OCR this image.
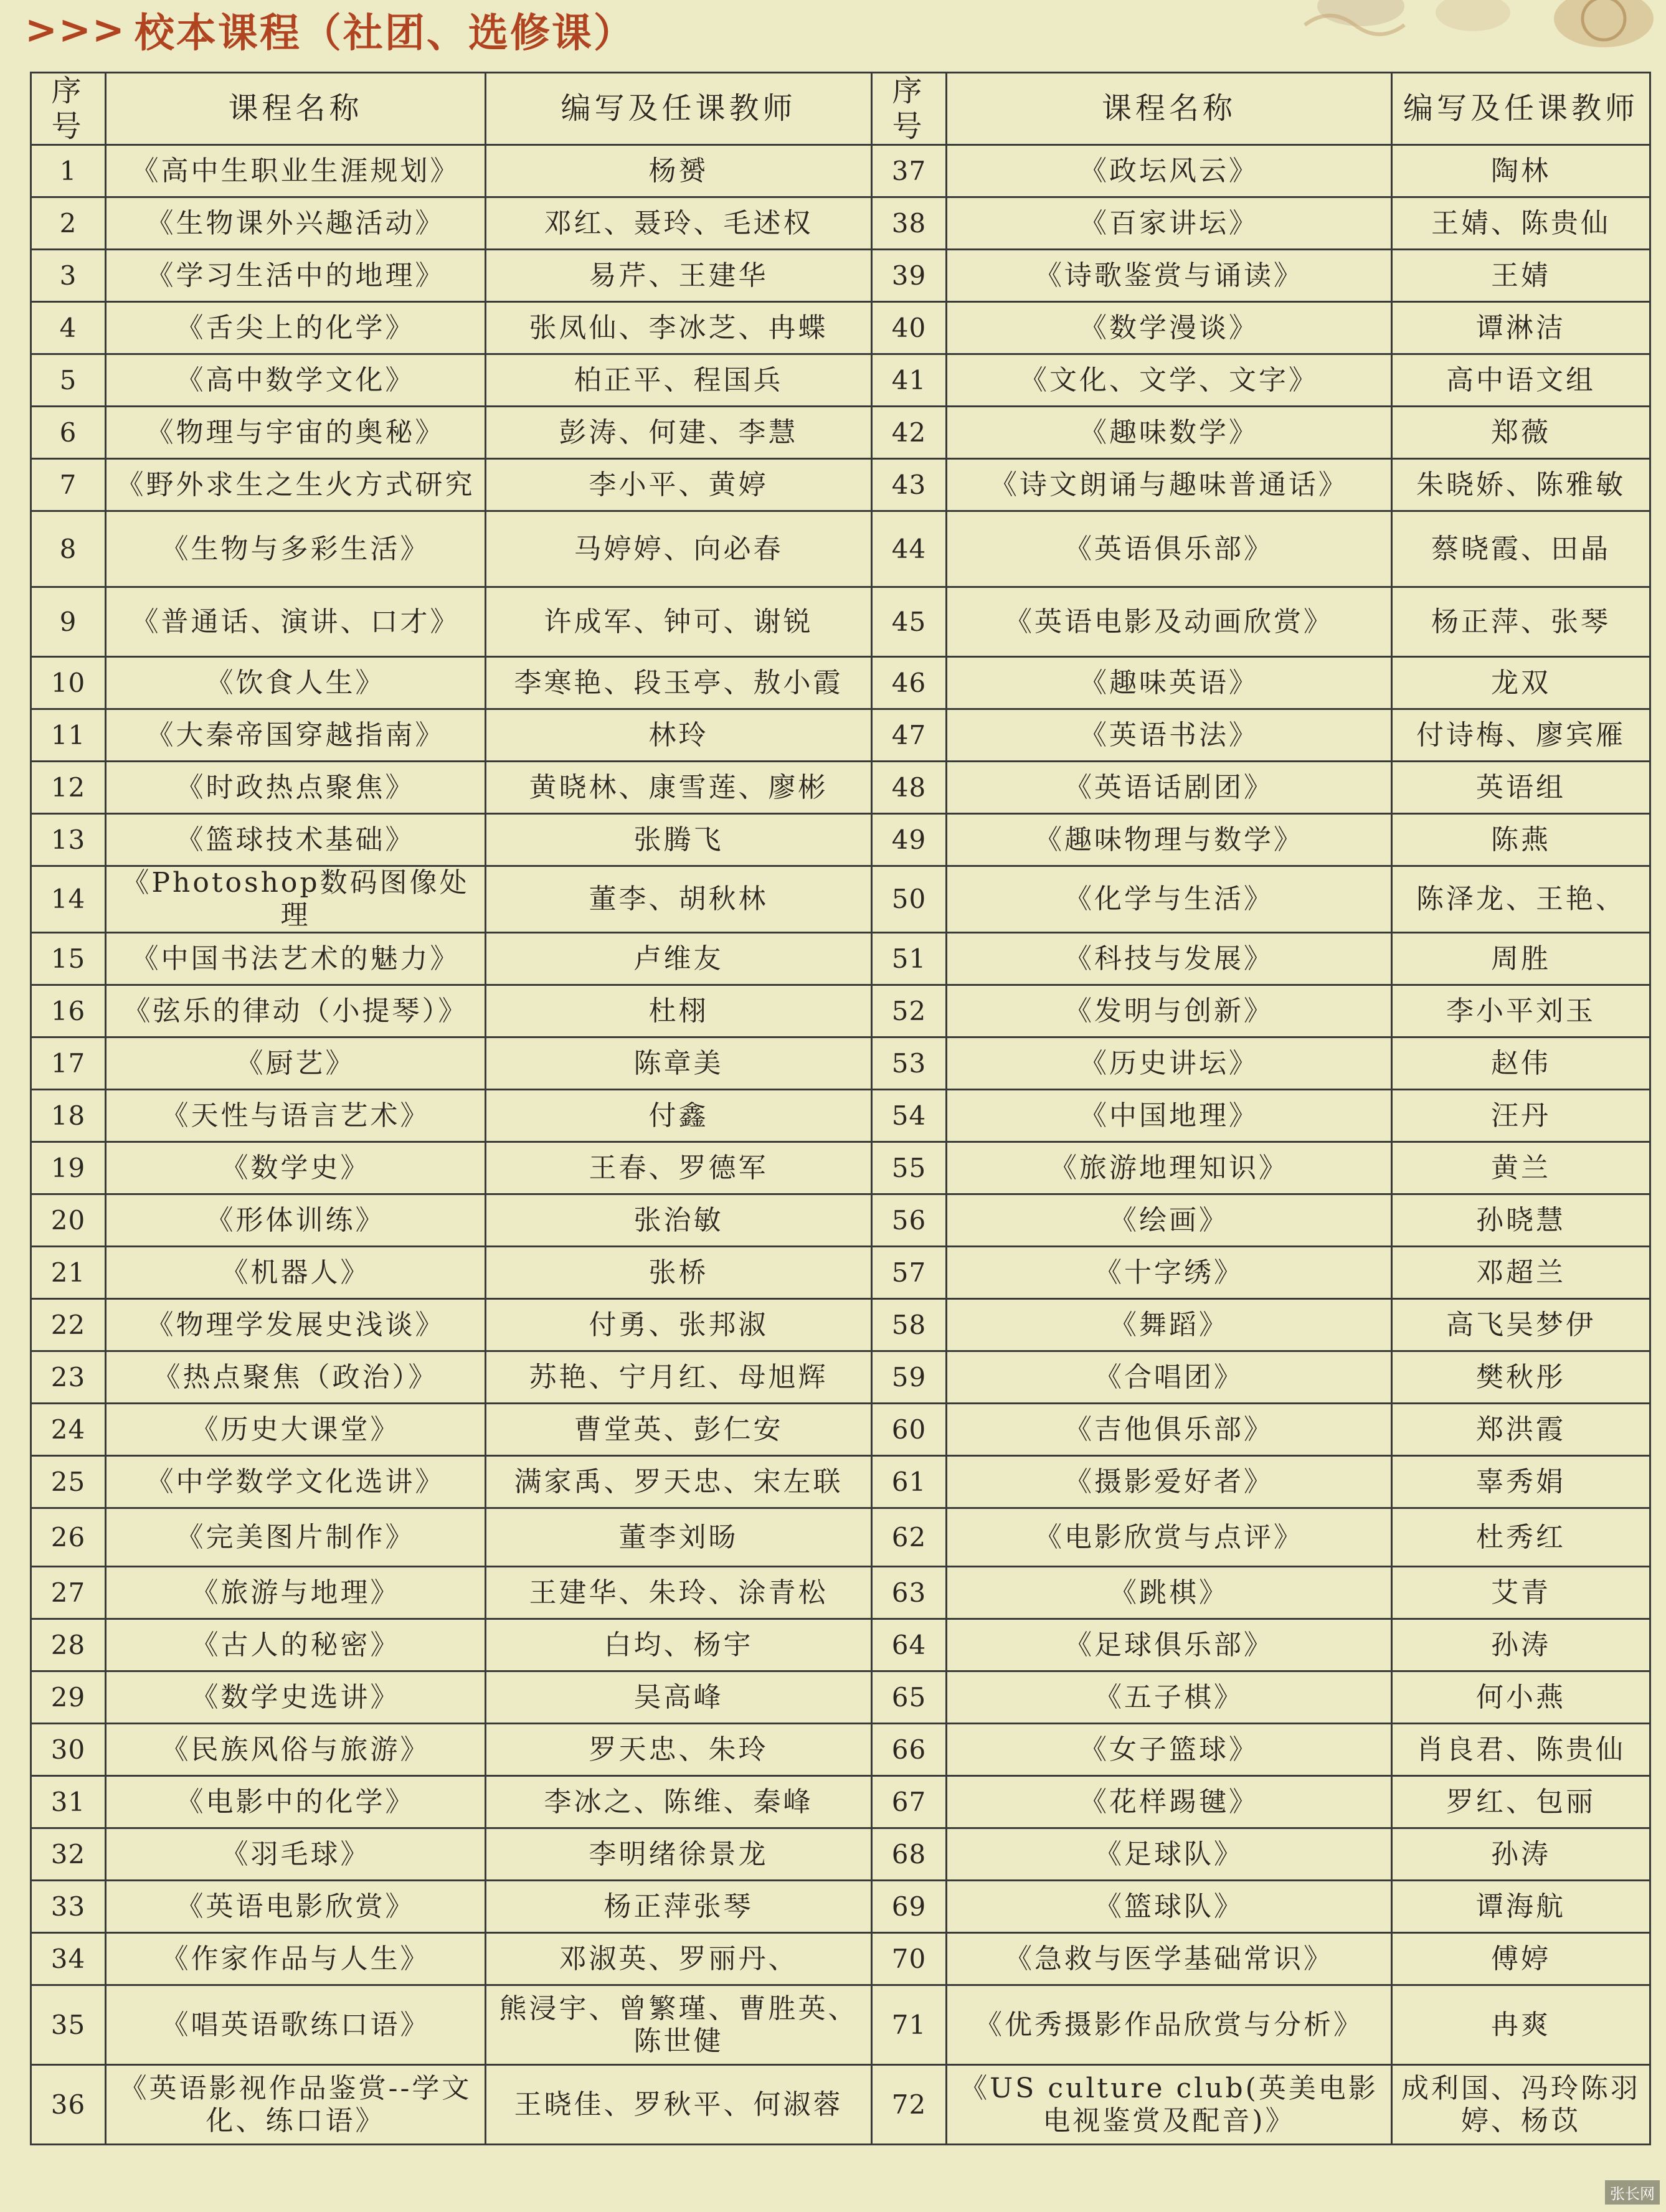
>>> 校本课程（社团、选修课）
序号	课程名称	编写及任课教师	序号	课程名称	编写及任课教师
1	《高中生职业生涯规划》	杨赟	37	《政坛风云》	陶林
2	《生物课外兴趣活动》	邓红、聂玲、毛述权	38	《百家讲坛》	王婧、陈贵仙
3	《学习生活中的地理》	易芹、王建华	39	《诗歌鉴赏与诵读》	王婧
4	《舌尖上的化学》	张凤仙、李冰芝、冉蝶	40	《数学漫谈》	谭淋洁
5	《高中数学文化》	柏正平、程国兵	41	《文化、文学、文字》	高中语文组
6	《物理与宇宙的奥秘》	彭涛、何建、李慧	42	《趣味数学》	郑薇
7	《野外求生之生火方式研究	李小平、黄婷	43	《诗文朗诵与趣味普通话》	朱晓娇、陈雅敏
8	《生物与多彩生活》	马婷婷、向必春	44	《英语俱乐部》	蔡晓霞、田晶
9	《普通话、演讲、口才》	许成军、钟可、谢锐	45	《英语电影及动画欣赏》	杨正萍、张琴
10	《饮食人生》	李寒艳、段玉亭、敖小霞	46	《趣味英语》	龙双
11	《大秦帝国穿越指南》	林玲	47	《英语书法》	付诗梅、廖宾雁
12	《时政热点聚焦》	黄晓林、康雪莲、廖彬	48	《英语话剧团》	英语组
13	《篮球技术基础》	张腾飞	49	《趣味物理与数学》	陈燕
14	《Photoshop数码图像处理	董李、胡秋林	50	《化学与生活》	陈泽龙、王艳、
15	《中国书法艺术的魅力》	卢维友	51	《科技与发展》	周胜
16	《弦乐的律动（小提琴）》	杜栩	52	《发明与创新》	李小平刘玉
17	《厨艺》	陈章美	53	《历史讲坛》	赵伟
18	《天性与语言艺术》	付鑫	54	《中国地理》	汪丹
19	《数学史》	王春、罗德军	55	《旅游地理知识》	黄兰
20	《形体训练》	张治敏	56	《绘画》	孙晓慧
21	《机器人》	张桥	57	《十字绣》	邓超兰
22	《物理学发展史浅谈》	付勇、张邦淑	58	《舞蹈》	高飞吴梦伊
23	《热点聚焦（政治）》	苏艳、宁月红、母旭辉	59	《合唱团》	樊秋彤
24	《历史大课堂》	曹堂英、彭仁安	60	《吉他俱乐部》	郑洪霞
25	《中学数学文化选讲》	满家禹、罗天忠、宋左联	61	《摄影爱好者》	辜秀娟
26	《完美图片制作》	董李刘旸	62	《电影欣赏与点评》	杜秀红
27	《旅游与地理》	王建华、朱玲、涂青松	63	《跳棋》	艾青
28	《古人的秘密》	白均、杨宇	64	《足球俱乐部》	孙涛
29	《数学史选讲》	吴高峰	65	《五子棋》	何小燕
30	《民族风俗与旅游》	罗天忠、朱玲	66	《女子篮球》	肖良君、陈贵仙
31	《电影中的化学》	李冰之、陈维、秦峰	67	《花样踢毽》	罗红、包丽
32	《羽毛球》	李明绪徐景龙	68	《足球队》	孙涛
33	《英语电影欣赏》	杨正萍张琴	69	《篮球队》	谭海航
34	《作家作品与人生》	邓淑英、罗丽丹、	70	《急救与医学基础常识》	傅婷
35	《唱英语歌练口语》	熊浸宇、曾繁瑾、曹胜英、陈世健	71	《优秀摄影作品欣赏与分析》	冉爽
36	《英语影视作品鉴赏--学文化、练口语》	王晓佳、罗秋平、何淑蓉	72	《US culture club(英美电影电视鉴赏及配音)》	成利国、冯玲陈羽婷、杨苡
张长网
